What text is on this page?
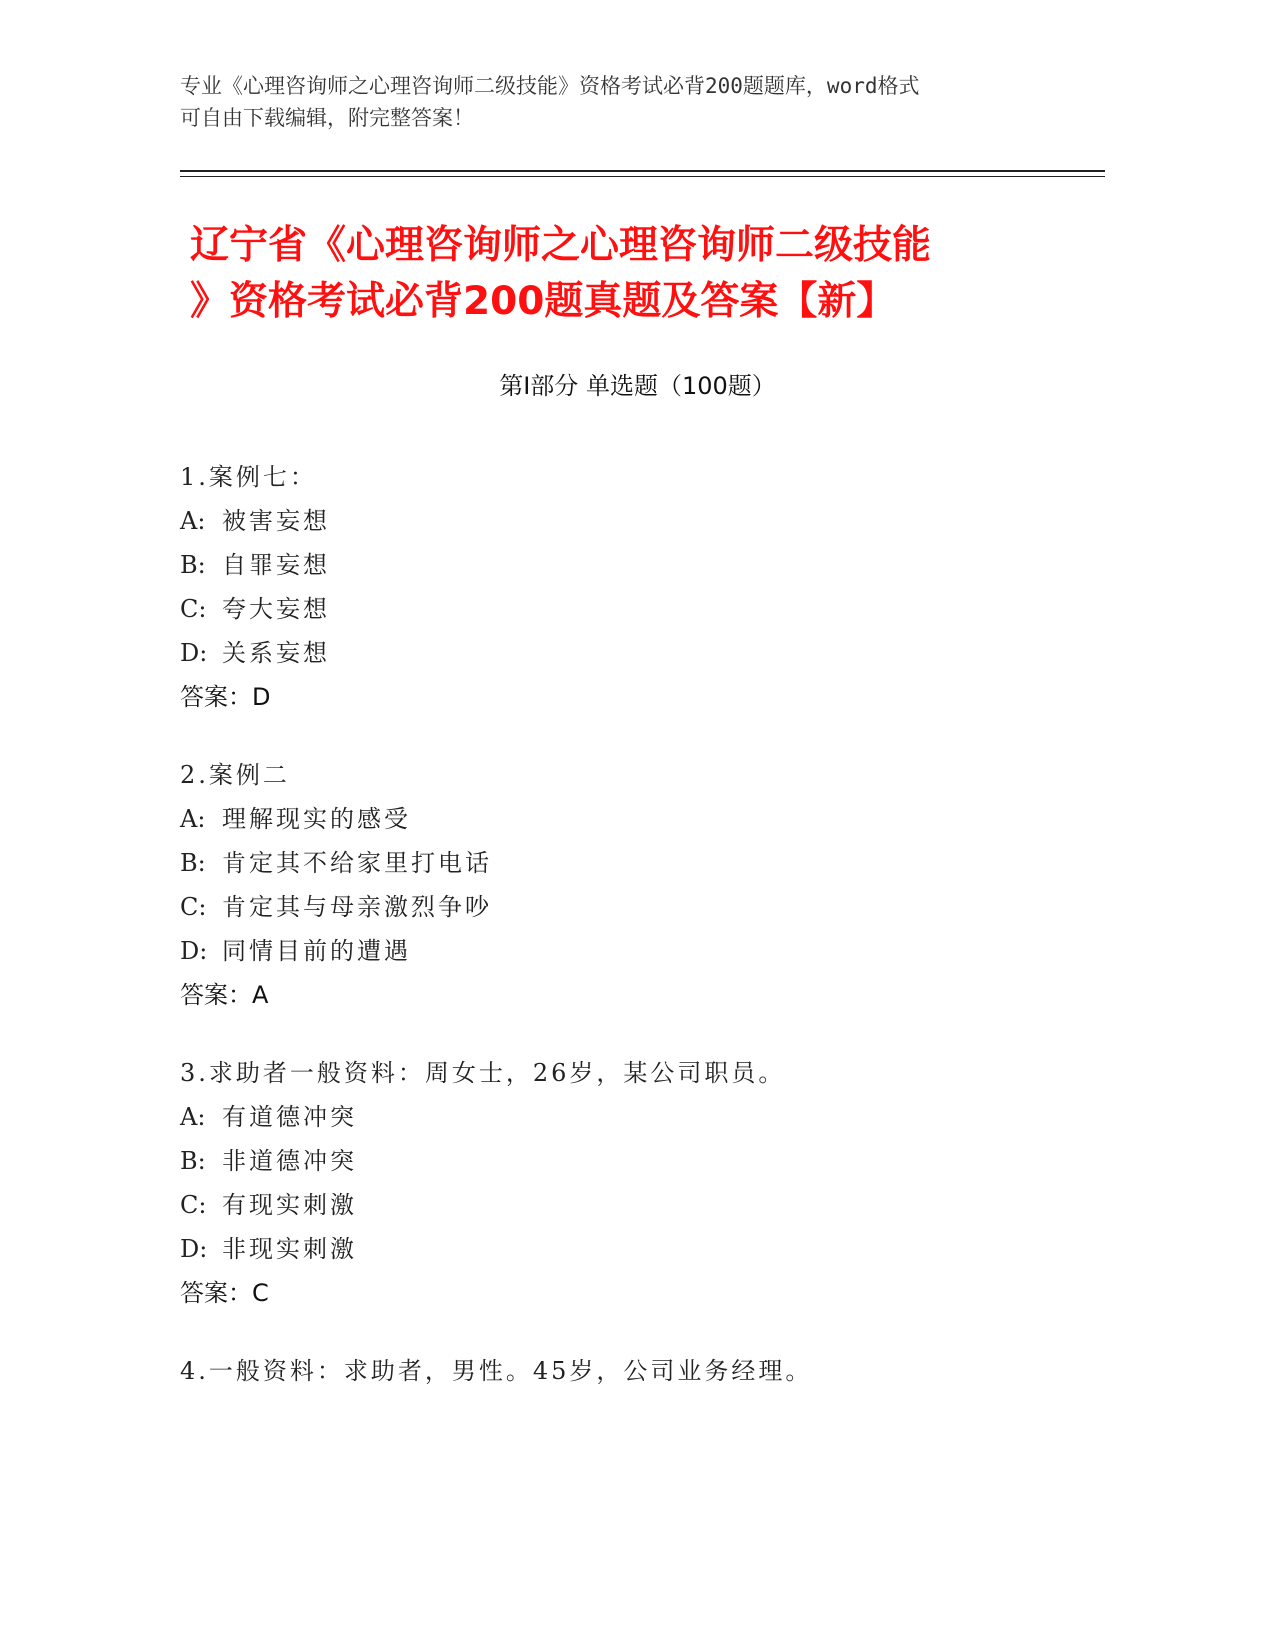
专业《心理咨询师之心理咨询师二级技能》资格考试必背200题题库，word格式
可自由下载编辑，附完整答案！
辽宁省《心理咨询师之心理咨询师二级技能
》资格考试必背200题真题及答案【新】
第Ⅰ部分 单选题（100题）
1.案例七：
A: 被害妄想
B: 自罪妄想
C: 夸大妄想
D: 关系妄想
答案：D
2.案例二
A: 理解现实的感受
B: 肯定其不给家里打电话
C: 肯定其与母亲激烈争吵
D: 同情目前的遭遇
答案：A
3.求助者一般资料：周女士，26岁，某公司职员。
A: 有道德冲突
B: 非道德冲突
C: 有现实刺激
D: 非现实刺激
答案：C
4.一般资料：求助者，男性。45岁，公司业务经理。
